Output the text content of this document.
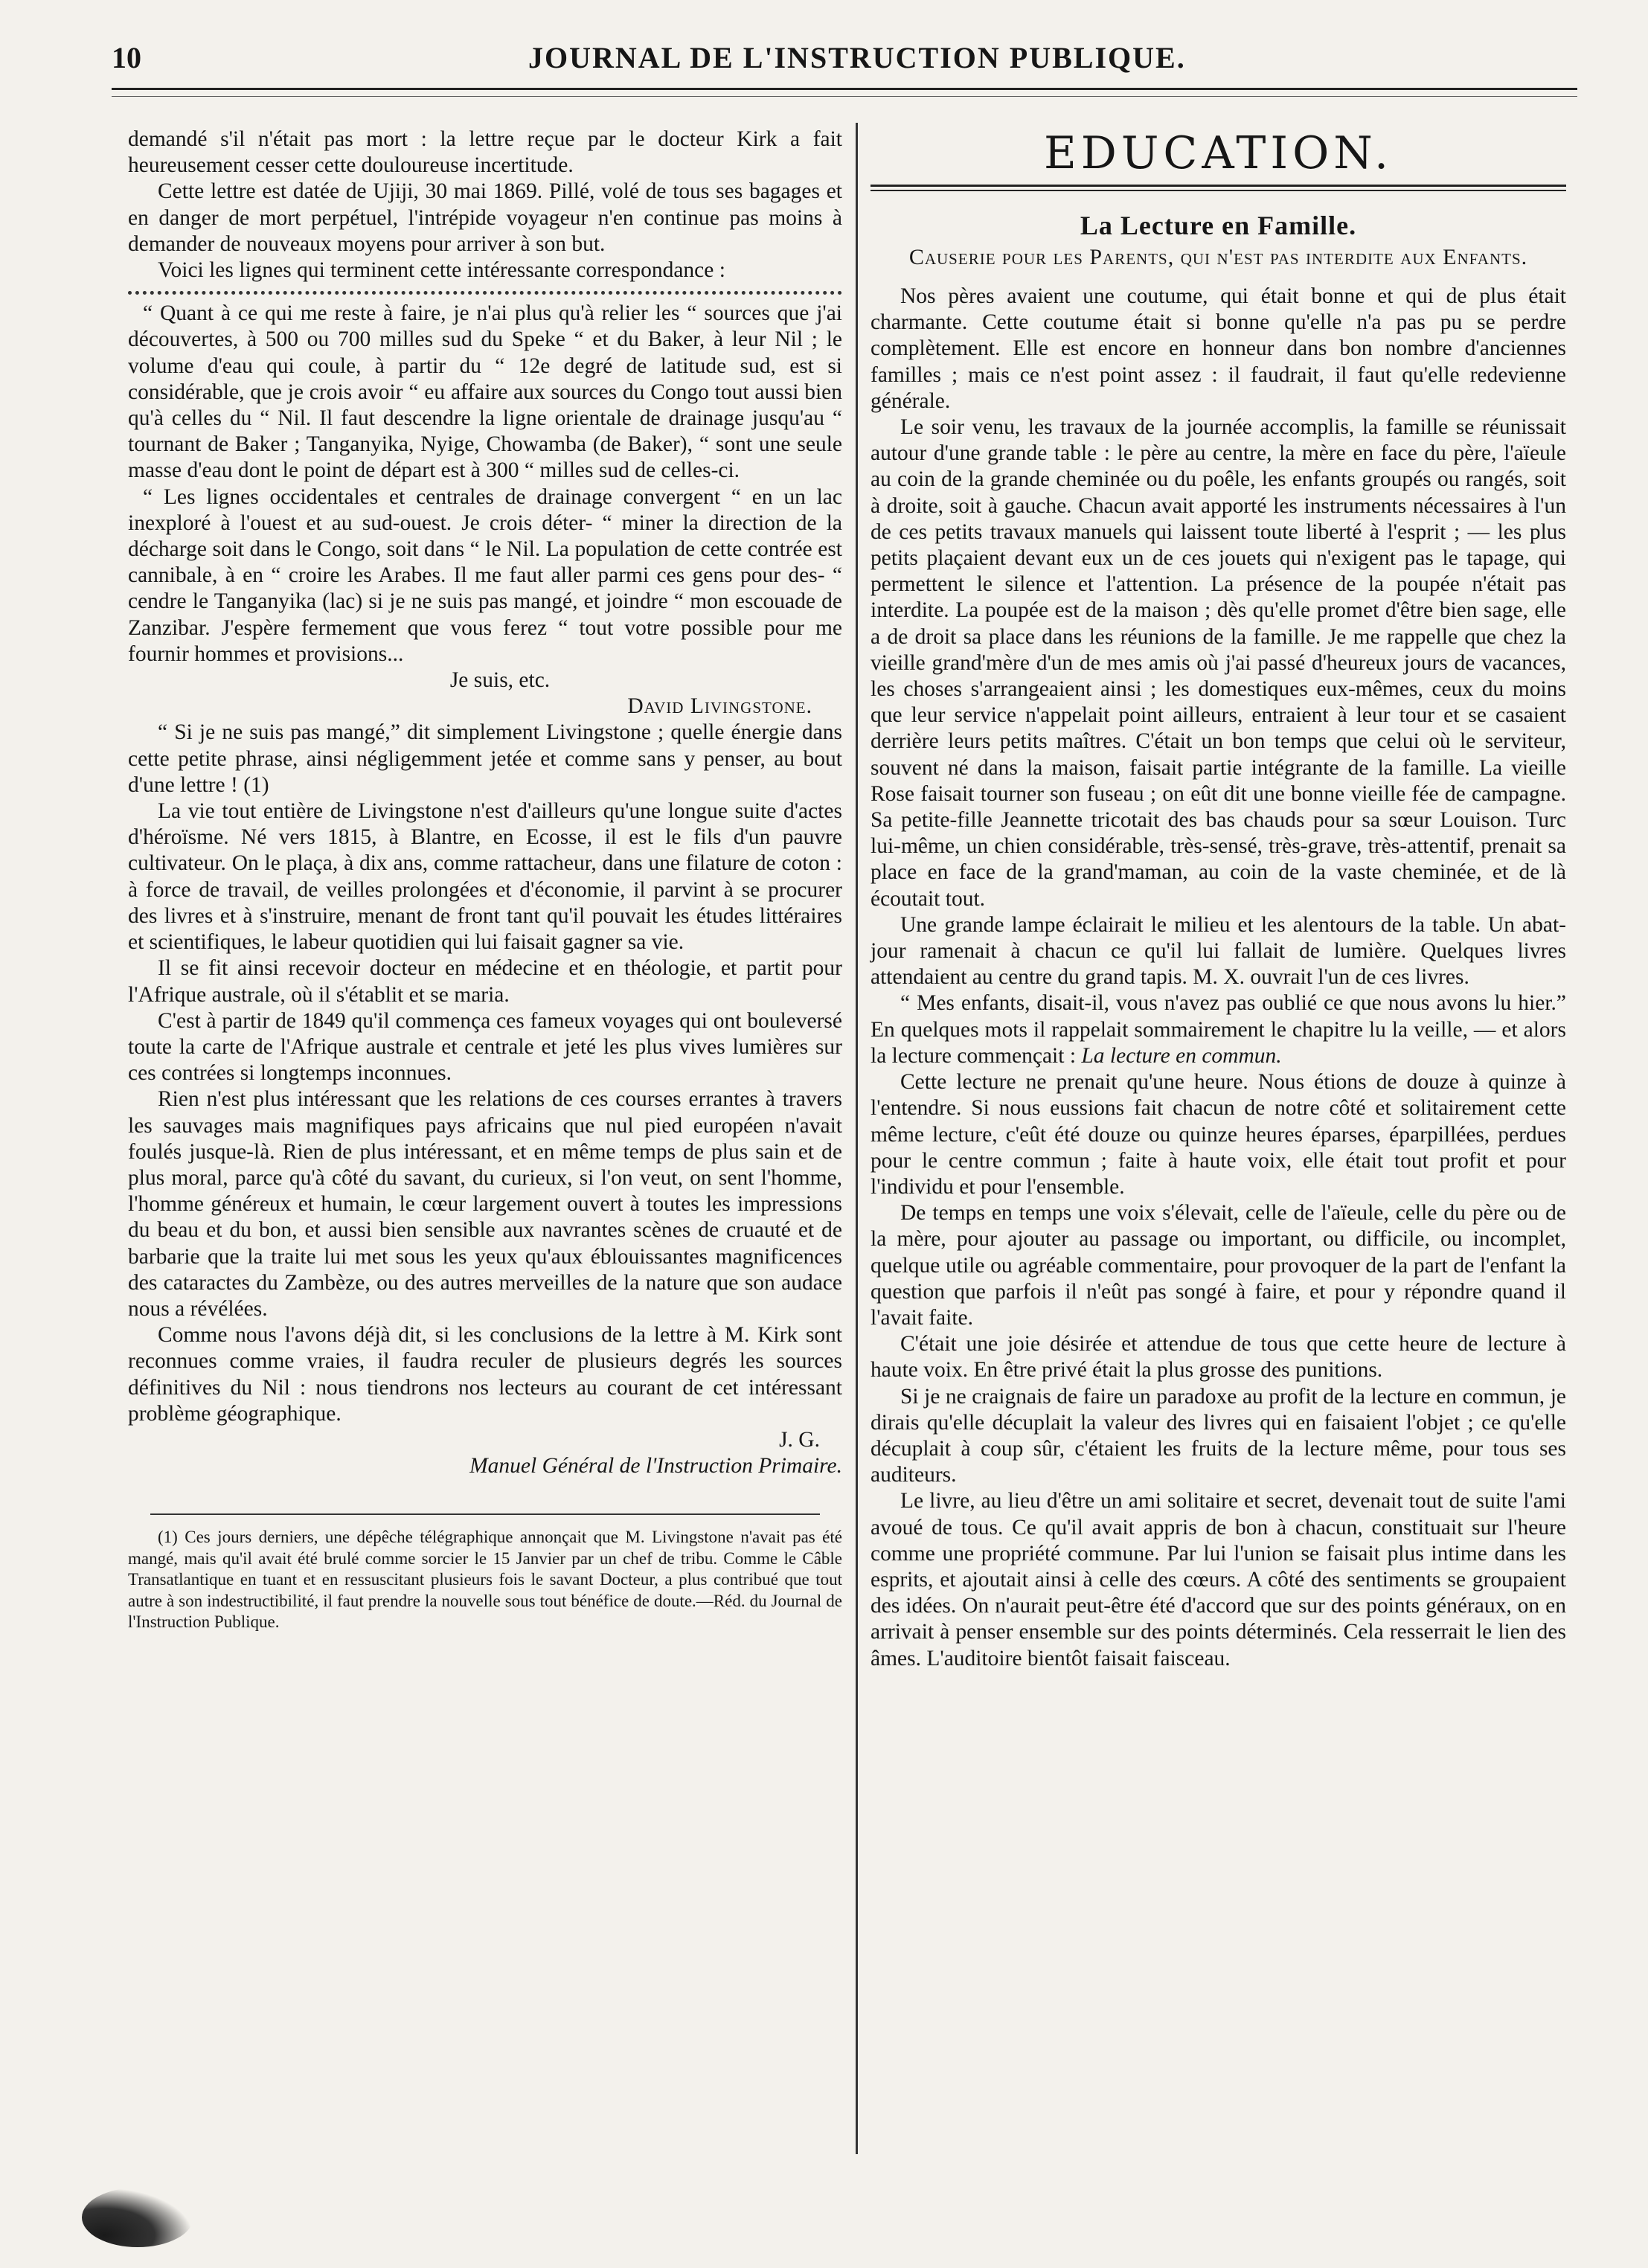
10	JOURNAL DE L'INSTRUCTION PUBLIQUE.

demandé s'il n'était pas mort : la lettre reçue par le docteur Kirk a fait heureusement cesser cette douloureuse incertitude.

Cette lettre est datée de Ujiji, 30 mai 1869. Pillé, volé de tous ses bagages et en danger de mort perpétuel, l'intrépide voyageur n'en continue pas moins à demander de nouveaux moyens pour arriver à son but.

Voici les lignes qui terminent cette intéressante correspondance :

“ Quant à ce qui me reste à faire, je n'ai plus qu'à relier les “ sources que j'ai découvertes, à 500 ou 700 milles sud du Speke “ et du Baker, à leur Nil ; le volume d'eau qui coule, à partir du “ 12e degré de latitude sud, est si considérable, que je crois avoir “ eu affaire aux sources du Congo tout aussi bien qu'à celles du “ Nil. Il faut descendre la ligne orientale de drainage jusqu'au “ tournant de Baker ; Tanganyika, Nyige, Chowamba (de Baker), “ sont une seule masse d'eau dont le point de départ est à 300 “ milles sud de celles-ci.

“ Les lignes occidentales et centrales de drainage convergent “ en un lac inexploré à l'ouest et au sud-ouest. Je crois déter- “ miner la direction de la décharge soit dans le Congo, soit dans “ le Nil. La population de cette contrée est cannibale, à en “ croire les Arabes. Il me faut aller parmi ces gens pour des- “ cendre le Tanganyika (lac) si je ne suis pas mangé, et joindre “ mon escouade de Zanzibar. J'espère fermement que vous ferez “ tout votre possible pour me fournir hommes et provisions...

Je suis, etc.

David Livingstone.

“ Si je ne suis pas mangé,” dit simplement Livingstone ; quelle énergie dans cette petite phrase, ainsi négligemment jetée et comme sans y penser, au bout d'une lettre ! (1)

La vie tout entière de Livingstone n'est d'ailleurs qu'une longue suite d'actes d'héroïsme. Né vers 1815, à Blantre, en Ecosse, il est le fils d'un pauvre cultivateur. On le plaça, à dix ans, comme rattacheur, dans une filature de coton : à force de travail, de veilles prolongées et d'économie, il parvint à se procurer des livres et à s'instruire, menant de front tant qu'il pouvait les études littéraires et scientifiques, le labeur quotidien qui lui faisait gagner sa vie.

Il se fit ainsi recevoir docteur en médecine et en théologie, et partit pour l'Afrique australe, où il s'établit et se maria.

C'est à partir de 1849 qu'il commença ces fameux voyages qui ont bouleversé toute la carte de l'Afrique australe et centrale et jeté les plus vives lumières sur ces contrées si longtemps inconnues.

Rien n'est plus intéressant que les relations de ces courses errantes à travers les sauvages mais magnifiques pays africains que nul pied européen n'avait foulés jusque-là. Rien de plus intéressant, et en même temps de plus sain et de plus moral, parce qu'à côté du savant, du curieux, si l'on veut, on sent l'homme, l'homme généreux et humain, le cœur largement ouvert à toutes les impressions du beau et du bon, et aussi bien sensible aux navrantes scènes de cruauté et de barbarie que la traite lui met sous les yeux qu'aux éblouissantes magnificences des cataractes du Zambèze, ou des autres merveilles de la nature que son audace nous a révélées.

Comme nous l'avons déjà dit, si les conclusions de la lettre à M. Kirk sont reconnues comme vraies, il faudra reculer de plusieurs degrés les sources définitives du Nil : nous tiendrons nos lecteurs au courant de cet intéressant problème géographique.

J. G.

Manuel Général de l'Instruction Primaire.

(1) Ces jours derniers, une dépêche télégraphique annonçait que M. Livingstone n'avait pas été mangé, mais qu'il avait été brulé comme sorcier le 15 Janvier par un chef de tribu. Comme le Câble Transatlantique en tuant et en ressuscitant plusieurs fois le savant Docteur, a plus contribué que tout autre à son indestructibilité, il faut prendre la nouvelle sous tout bénéfice de doute.—Réd. du Journal de l'Instruction Publique.

EDUCATION.
La Lecture en Famille.
Causerie pour les Parents, qui n'est pas interdite aux Enfants.

Nos pères avaient une coutume, qui était bonne et qui de plus était charmante. Cette coutume était si bonne qu'elle n'a pas pu se perdre complètement. Elle est encore en honneur dans bon nombre d'anciennes familles ; mais ce n'est point assez : il faudrait, il faut qu'elle redevienne générale.

Le soir venu, les travaux de la journée accomplis, la famille se réunissait autour d'une grande table : le père au centre, la mère en face du père, l'aïeule au coin de la grande cheminée ou du poêle, les enfants groupés ou rangés, soit à droite, soit à gauche. Chacun avait apporté les instruments nécessaires à l'un de ces petits travaux manuels qui laissent toute liberté à l'esprit ; — les plus petits plaçaient devant eux un de ces jouets qui n'exigent pas le tapage, qui permettent le silence et l'attention. La présence de la poupée n'était pas interdite. La poupée est de la maison ; dès qu'elle promet d'être bien sage, elle a de droit sa place dans les réunions de la famille. Je me rappelle que chez la vieille grand'mère d'un de mes amis où j'ai passé d'heureux jours de vacances, les choses s'arrangeaient ainsi ; les domestiques eux-mêmes, ceux du moins que leur service n'appelait point ailleurs, entraient à leur tour et se casaient derrière leurs petits maîtres. C'était un bon temps que celui où le serviteur, souvent né dans la maison, faisait partie intégrante de la famille. La vieille Rose faisait tourner son fuseau ; on eût dit une bonne vieille fée de campagne. Sa petite-fille Jeannette tricotait des bas chauds pour sa sœur Louison. Turc lui-même, un chien considérable, très-sensé, très-grave, très-attentif, prenait sa place en face de la grand'maman, au coin de la vaste cheminée, et de là écoutait tout.

Une grande lampe éclairait le milieu et les alentours de la table. Un abat-jour ramenait à chacun ce qu'il lui fallait de lumière. Quelques livres attendaient au centre du grand tapis. M. X. ouvrait l'un de ces livres.

“ Mes enfants, disait-il, vous n'avez pas oublié ce que nous avons lu hier.” En quelques mots il rappelait sommairement le chapitre lu la veille, — et alors la lecture commençait : La lecture en commun.

Cette lecture ne prenait qu'une heure. Nous étions de douze à quinze à l'entendre. Si nous eussions fait chacun de notre côté et solitairement cette même lecture, c'eût été douze ou quinze heures éparses, éparpillées, perdues pour le centre commun ; faite à haute voix, elle était tout profit et pour l'individu et pour l'ensemble.

De temps en temps une voix s'élevait, celle de l'aïeule, celle du père ou de la mère, pour ajouter au passage ou important, ou difficile, ou incomplet, quelque utile ou agréable commentaire, pour provoquer de la part de l'enfant la question que parfois il n'eût pas songé à faire, et pour y répondre quand il l'avait faite.

C'était une joie désirée et attendue de tous que cette heure de lecture à haute voix. En être privé était la plus grosse des punitions.

Si je ne craignais de faire un paradoxe au profit de la lecture en commun, je dirais qu'elle décuplait la valeur des livres qui en faisaient l'objet ; ce qu'elle décuplait à coup sûr, c'étaient les fruits de la lecture même, pour tous ses auditeurs.

Le livre, au lieu d'être un ami solitaire et secret, devenait tout de suite l'ami avoué de tous. Ce qu'il avait appris de bon à chacun, constituait sur l'heure comme une propriété commune. Par lui l'union se faisait plus intime dans les esprits, et ajoutait ainsi à celle des cœurs. A côté des sentiments se groupaient des idées. On n'aurait peut-être été d'accord que sur des points généraux, on en arrivait à penser ensemble sur des points déterminés. Cela resserrait le lien des âmes. L'auditoire bientôt faisait faisceau.
